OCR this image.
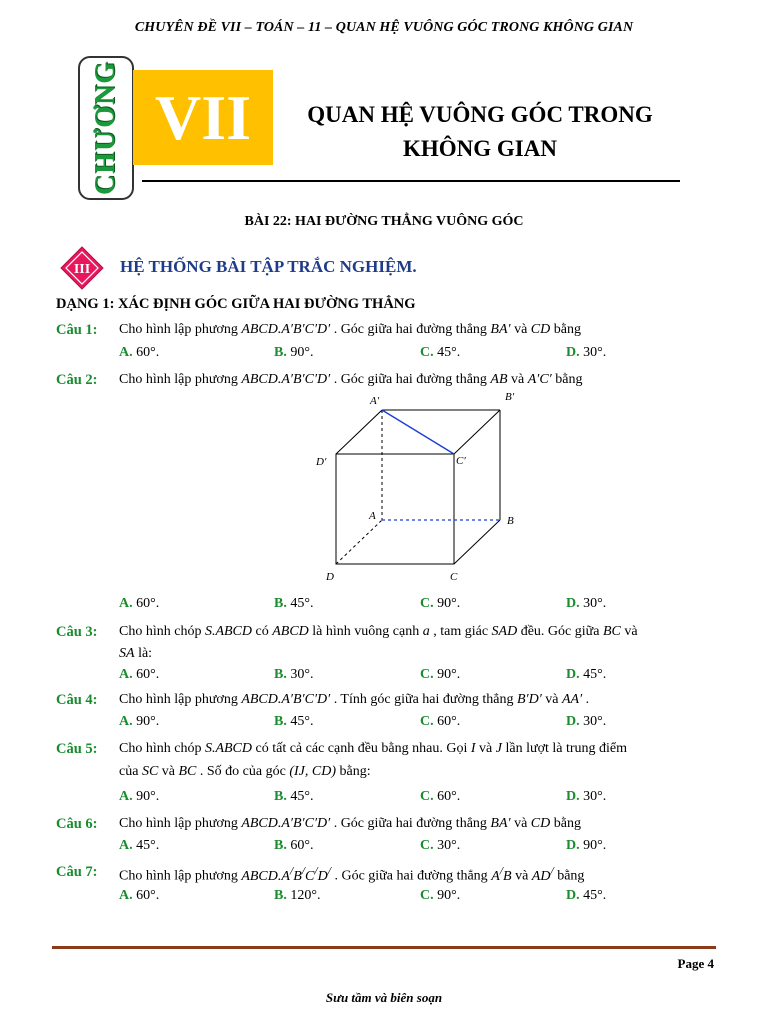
CHUYÊN ĐỀ VII – TOÁN – 11 – QUAN HỆ VUÔNG GÓC TRONG KHÔNG GIAN
CHƯƠNG VII	QUAN HỆ VUÔNG GÓC TRONG
KHÔNG GIAN
BÀI 22: HAI ĐƯỜNG THẲNG VUÔNG GÓC
III HỆ THỐNG BÀI TẬP TRẮC NGHIỆM.
DẠNG 1: XÁC ĐỊNH GÓC GIỮA HAI ĐƯỜNG THẲNG
Câu 1: Cho hình lập phương ABCD.A′B′C′D′ . Góc giữa hai đường thẳng BA′ và CD bằng
A. 60°.	B. 90°.	C. 45°.	D. 30°.
Câu 2: Cho hình lập phương ABCD.A′B′C′D′ . Góc giữa hai đường thẳng AB và A′C′ bằng
A. 60°.	B. 45°.	C. 90°.	D. 30°.
Câu 3: Cho hình chóp S.ABCD có ABCD là hình vuông cạnh a , tam giác SAD đều. Góc giữa BC và
SA là:
A. 60°.	B. 30°.	C. 90°.	D. 45°.
Câu 4: Cho hình lập phương ABCD.A′B′C′D′ . Tính góc giữa hai đường thẳng B′D′ và AA′ .
A. 90°.	B. 45°.	C. 60°.	D. 30°.
Câu 5: Cho hình chóp S.ABCD có tất cả các cạnh đều bằng nhau. Gọi I và J lần lượt là trung điểm
của SC và BC . Số đo của góc (IJ, CD) bằng:
A. 90°.	B. 45°.	C. 60°.	D. 30°.
Câu 6: Cho hình lập phương ABCD.A′B′C′D′ . Góc giữa hai đường thẳng BA′ và CD bằng
A. 45°.	B. 60°.	C. 30°.	D. 90°.
Câu 7: Cho hình lập phương ABCD.A/B/C/D/ . Góc giữa hai đường thẳng A/B và AD/ bằng
A. 60°.	B. 120°.	C. 90°.	D. 45°.
A′	B′
C′
D′
A	B
C
D
Page 4
Sưu tầm và biên soạn
